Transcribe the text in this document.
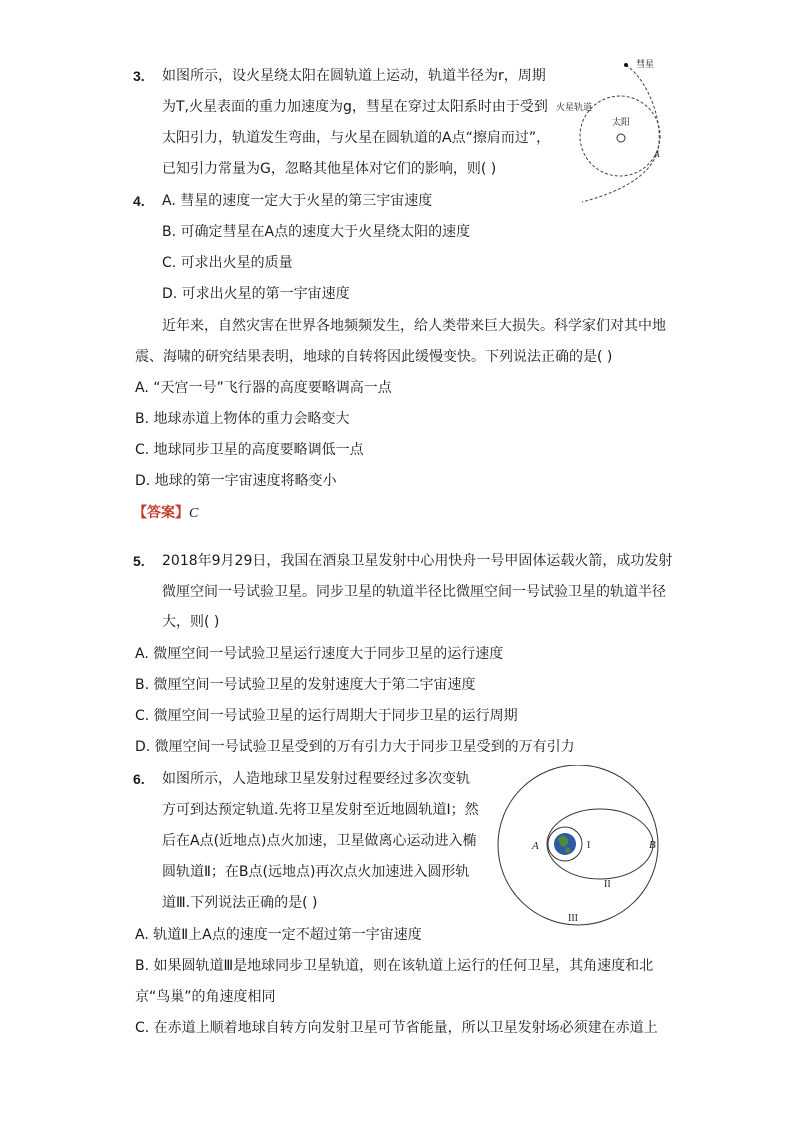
3. 如图所示，设火星绕太阳在圆轨道上运动，轨道半径为r，周期
为T,火星表面的重力加速度为g，彗星在穿过太阳系时由于受到
太阳引力，轨道发生弯曲，与火星在圆轨道的A点“擦肩而过”，
已知引力常量为G，忽略其他星体对它们的影响，则( )
彗星
火星轨道
太阳
A
4. A. 彗星的速度一定大于火星的第三宇宙速度
B. 可确定彗星在A点的速度大于火星绕太阳的速度
C. 可求出火星的质量
D. 可求出火星的第一宇宙速度
近年来，自然灾害在世界各地频频发生，给人类带来巨大损失。科学家们对其中地
震、海啸的研究结果表明，地球的自转将因此缓慢变快。下列说法正确的是( )
A. “天宫一号”飞行器的高度要略调高一点
B. 地球赤道上物体的重力会略变大
C. 地球同步卫星的高度要略调低一点
D. 地球的第一宇宙速度将略变小
【答案】C
5. 2018年9月29日，我国在酒泉卫星发射中心用快舟一号甲固体运载火箭，成功发射
微厘空间一号试验卫星。同步卫星的轨道半径比微厘空间一号试验卫星的轨道半径
大，则( )
A. 微厘空间一号试验卫星运行速度大于同步卫星的运行速度
B. 微厘空间一号试验卫星的发射速度大于第二宇宙速度
C. 微厘空间一号试验卫星的运行周期大于同步卫星的运行周期
D. 微厘空间一号试验卫星受到的万有引力大于同步卫星受到的万有引力
6. 如图所示，人造地球卫星发射过程要经过多次变轨
方可到达预定轨道.先将卫星发射至近地圆轨道I；然
后在A点(近地点)点火加速，卫星做离心运动进入椭
圆轨道Ⅱ；在B点(远地点)再次点火加速进入圆形轨
道Ⅲ.下列说法正确的是( )
A	B
I
II
III
A. 轨道Ⅱ上A点的速度一定不超过第一宇宙速度
B. 如果圆轨道Ⅲ是地球同步卫星轨道，则在该轨道上运行的任何卫星，其角速度和北
京“鸟巢”的角速度相同
C. 在赤道上顺着地球自转方向发射卫星可节省能量，所以卫星发射场必须建在赤道上
